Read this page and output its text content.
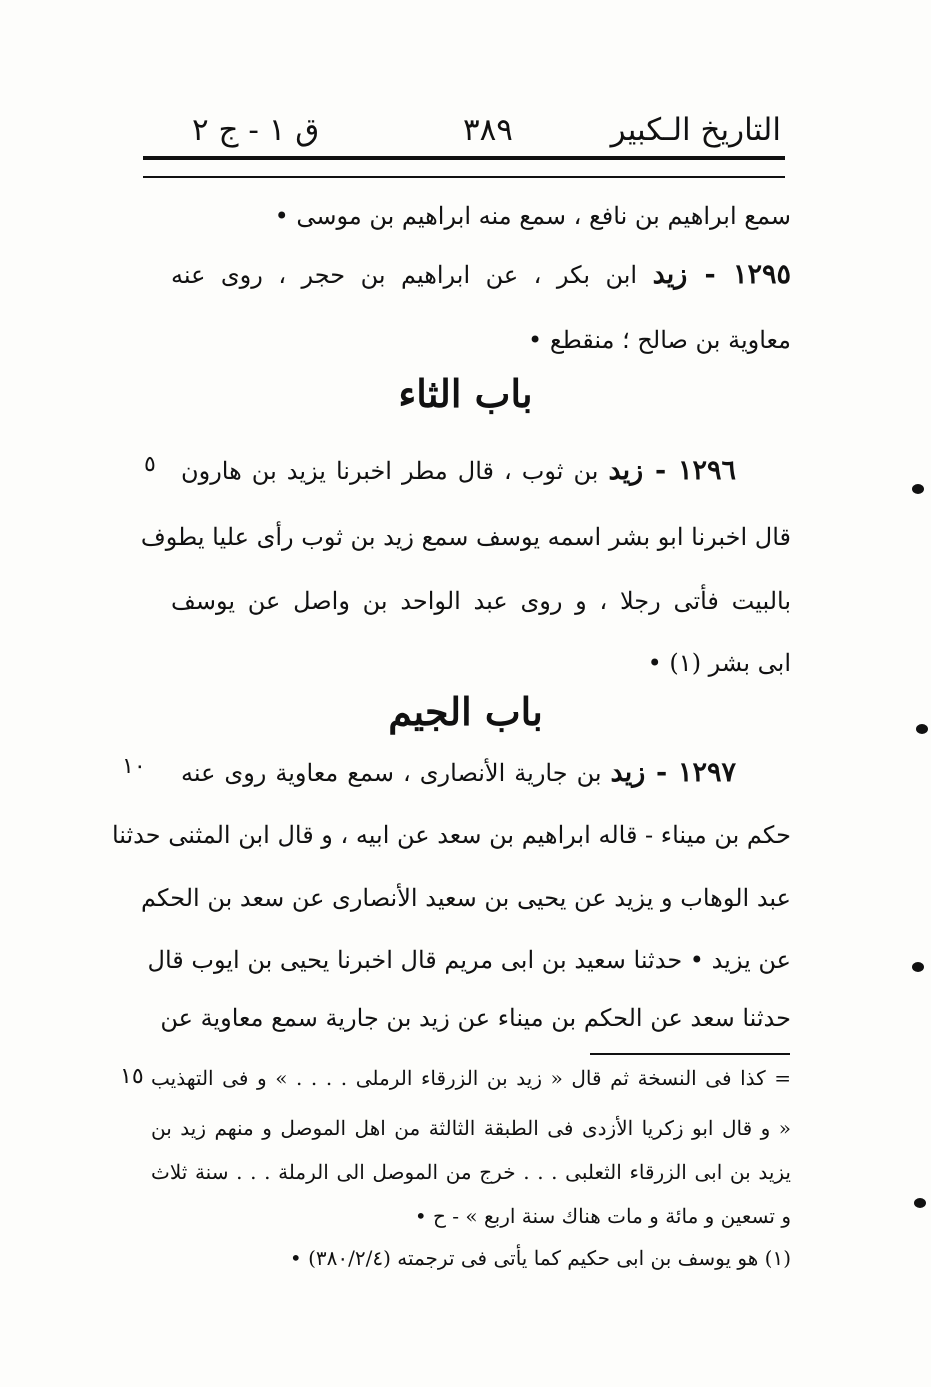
التاريخ الـكبير
٣٨٩
ق ١ - ج ٢
سمع ابراهيم بن نافع ، سمع منه ابراهيم بن موسى •
١٢٩٥ - زيد ابن بكر ، عن ابراهيم بن حجر ، روى عنه
معاوية بن صالح ؛ منقطع •
باب الثاء
١٢٩٦ - زيد بن ثوب ، قال مطر اخبرنا يزيد بن هارون
٥
قال اخبرنا ابو بشر اسمه يوسف سمع زيد بن ثوب رأى عليا يطوف
بالبيت فأتى رجلا ، و روى عبد الواحد بن واصل عن يوسف
ابى بشر (١) •
باب الجيم
١٢٩٧ - زيد بن جارية الأنصارى ، سمع معاوية روى عنه
١٠
حكم بن ميناء - قاله ابراهيم بن سعد عن ابيه ، و قال ابن المثنى حدثنا
عبد الوهاب و يزيد عن يحيى بن سعيد الأنصارى عن سعد بن الحكم
عن يزيد • حدثنا سعيد بن ابى مريم قال اخبرنا يحيى بن ايوب قال
حدثنا سعد عن الحكم بن ميناء عن زيد بن جارية سمع معاوية عن
= كذا فى النسخة ثم قال « زيد بن الزرقاء الرملى . . . . » و فى التهذيب
١٥
« و قال ابو زكريا الأزدى فى الطبقة الثالثة من اهل الموصل و منهم زيد بن
يزيد بن ابى الزرقاء الثعلبى . . . خرج من الموصل الى الرملة . . . سنة ثلاث
و تسعين و مائة و مات هناك سنة اربع » - ح •
(١) هو يوسف بن ابى حكيم كما يأتى فى ترجمته (٣٨٠/٢/٤) •
